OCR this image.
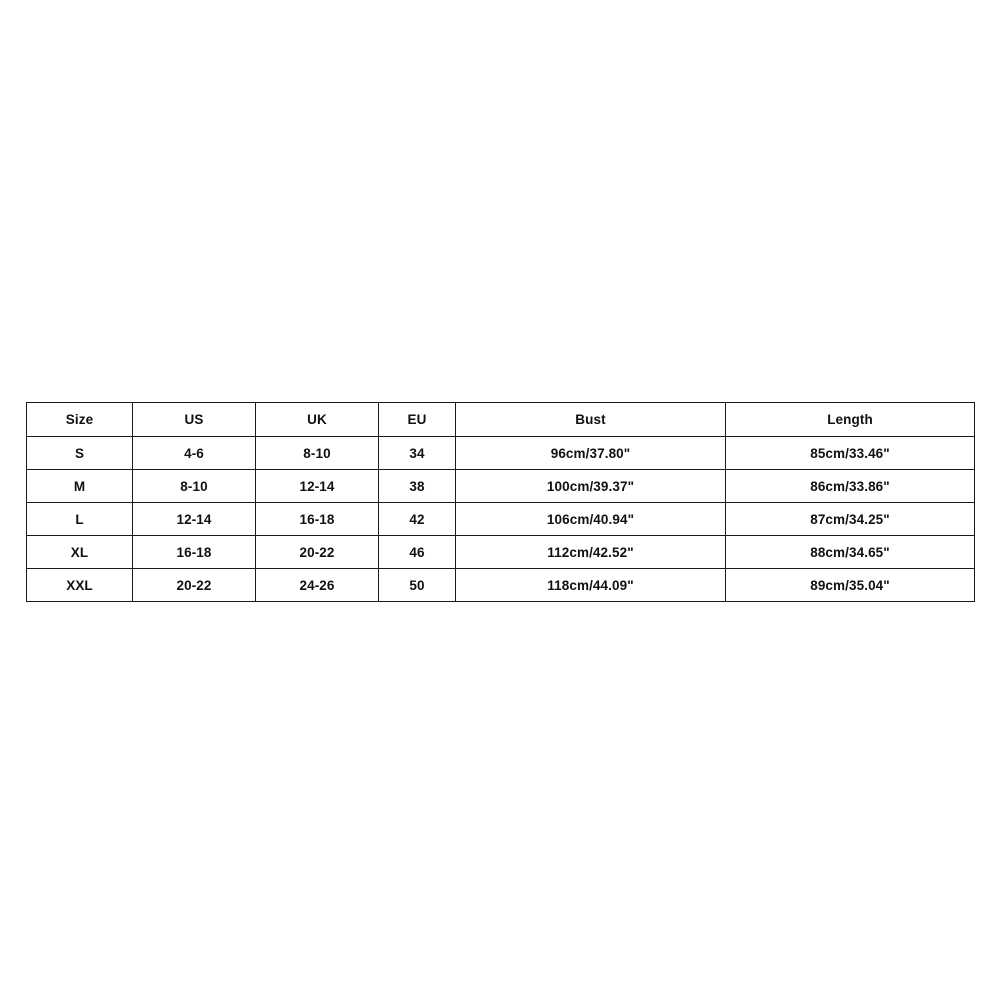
Size	US	UK	EU	Bust	Length
S	4-6	8-10	34	96cm/37.80"	85cm/33.46"
M	8-10	12-14	38	100cm/39.37"	86cm/33.86"
L	12-14	16-18	42	106cm/40.94"	87cm/34.25"
XL	16-18	20-22	46	112cm/42.52"	88cm/34.65"
XXL	20-22	24-26	50	118cm/44.09"	89cm/35.04"
